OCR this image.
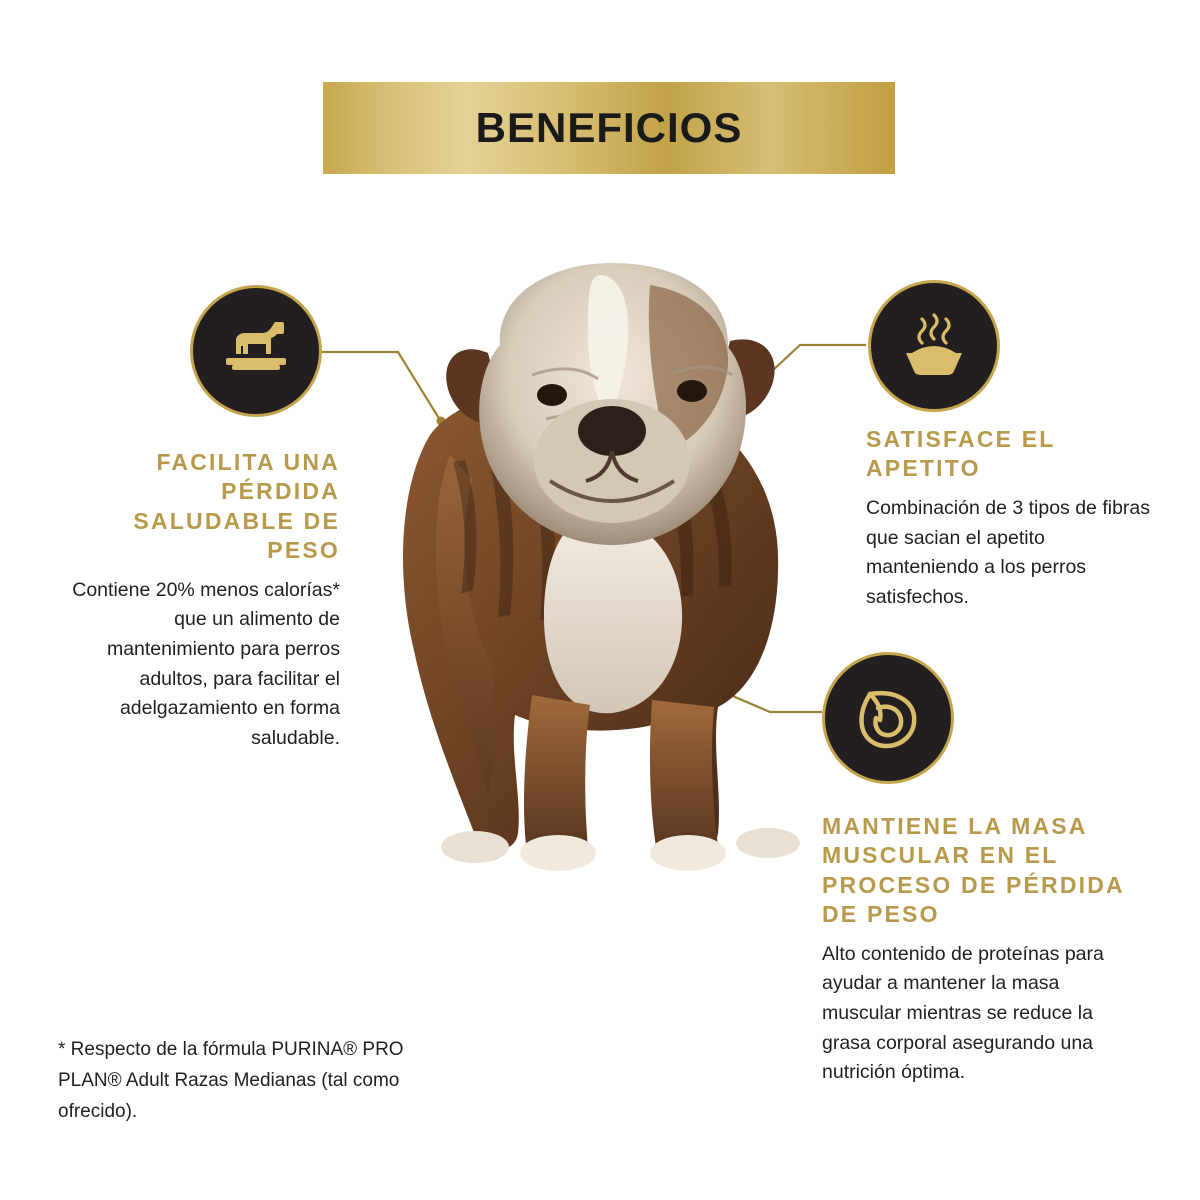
BENEFICIOS
FACILITA UNA PÉRDIDA SALUDABLE DE PESO

Contiene 20% menos calorías* que un alimento de mantenimiento para perros adultos, para facilitar el adelgazamiento en forma saludable.

SATISFACE EL APETITO

Combinación de 3 tipos de fibras que sacian el apetito manteniendo a los perros satisfechos.

MANTIENE LA MASA MUSCULAR EN EL PROCESO DE PÉRDIDA DE PESO

Alto contenido de proteínas para ayudar a mantener la masa muscular mientras se reduce la grasa corporal asegurando una nutrición óptima.

* Respecto de la fórmula PURINA® PRO PLAN® Adult Razas Medianas (tal como ofrecido).
